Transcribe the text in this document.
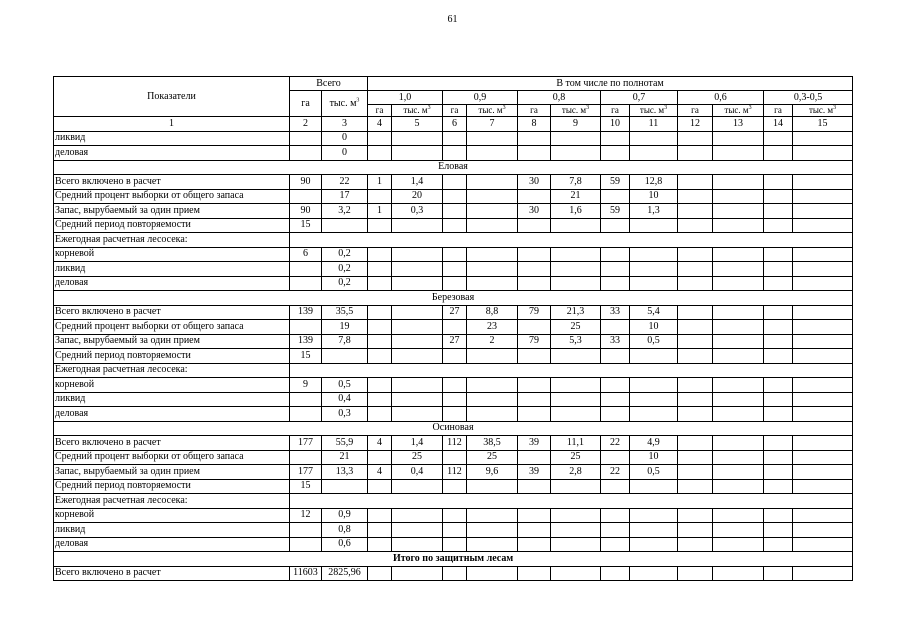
61
Показатели	Всего		В том числе по полнотам											
	га	тыс. $м^3$	1,0		0,9		0,8		0,7		0,6		0,3-0,5	
			га	тыс. $м^3$	га	тыс. $м^3$	га	тыс. $м^3$	га	тыс. $м^3$	га	тыс. $м^3$	га	тыс. $м^3$
1	2	3	4	5	6	7	8	9	10	11	12	13	14	15
ликвид		0												
деловая		0												
Еловая														
Всего включено в расчет	90	22	1	1,4			30	7,8	59	12,8				
Средний процент выборки от общего запаса		17		20				21		10				
Запас, вырубаемый за один прием	90	3,2	1	0,3			30	1,6	59	1,3				
Средний период повторяемости	15													
Ежегодная расчетная лесосека:														
корневой	6	0,2												
ликвид		0,2												
деловая		0,2												
Березовая														
Всего включено в расчет	139	35,5			27	8,8	79	21,3	33	5,4				
Средний процент выборки от общего запаса		19				23		25		10				
Запас, вырубаемый за один прием	139	7,8			27	2	79	5,3	33	0,5				
Средний период повторяемости	15													
Ежегодная расчетная лесосека:														
корневой	9	0,5												
ликвид		0,4												
деловая		0,3												
Осиновая														
Всего включено в расчет	177	55,9	4	1,4	112	38,5	39	11,1	22	4,9				
Средний процент выборки от общего запаса		21		25		25		25		10				
Запас, вырубаемый за один прием	177	13,3	4	0,4	112	9,6	39	2,8	22	0,5				
Средний период повторяемости	15													
Ежегодная расчетная лесосека:														
корневой	12	0,9												
ликвид		0,8												
деловая		0,6												
Итого по защитным лесам														
Всего включено в расчет	11603	2825,96												
